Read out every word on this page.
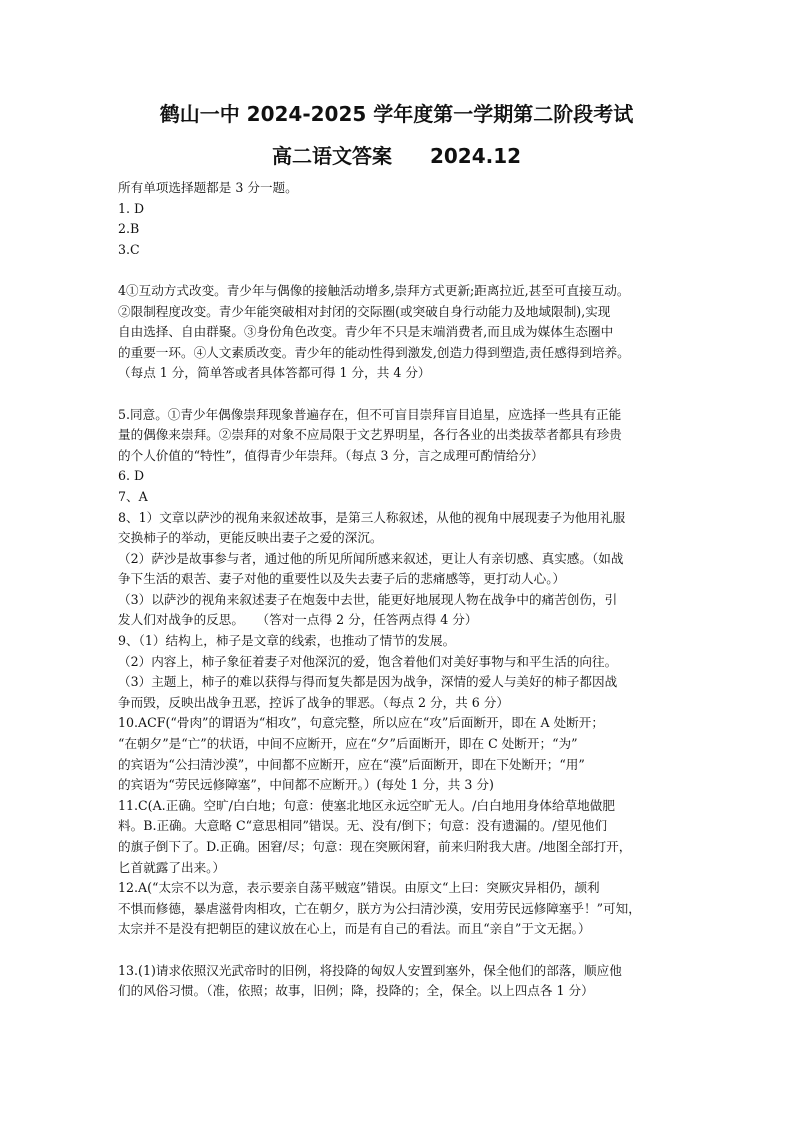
鹤山一中 2024-2025 学年度第一学期第二阶段考试
高二语文答案 2024.12
所有单项选择题都是 3 分一题。
1. D
2.B
3.C
4①互动方式改变。青少年与偶像的接触活动增多,崇拜方式更新;距离拉近,甚至可直接互动。
②限制程度改变。青少年能突破相对封闭的交际圈(或突破自身行动能力及地域限制),实现
自由选择、自由群聚。③身份角色改变。青少年不只是末端消费者,而且成为媒体生态圈中
的重要一环。④人文素质改变。青少年的能动性得到激发,创造力得到塑造,责任感得到培养。
（每点 1 分，简单答或者具体答都可得 1 分，共 4 分）
5.同意。①青少年偶像崇拜现象普遍存在，但不可盲目崇拜盲目追星，应选择一些具有正能
量的偶像来崇拜。②崇拜的对象不应局限于文艺界明星，各行各业的出类拔萃者都具有珍贵
的个人价值的“特性”，值得青少年崇拜。（每点 3 分，言之成理可酌情给分）
6. D
7、A
8、1）文章以萨沙的视角来叙述故事，是第三人称叙述，从他的视角中展现妻子为他用礼服
交换柿子的举动，更能反映出妻子之爱的深沉。
（2）萨沙是故事参与者，通过他的所见所闻所感来叙述，更让人有亲切感、真实感。（如战
争下生活的艰苦、妻子对他的重要性以及失去妻子后的悲痛感等，更打动人心。）
（3）以萨沙的视角来叙述妻子在炮轰中去世，能更好地展现人物在战争中的痛苦创伤，引
发人们对战争的反思。　　（答对一点得 2 分，任答两点得 4 分）
9、（1）结构上，柿子是文章的线索，也推动了情节的发展。
（2）内容上，柿子象征着妻子对他深沉的爱，饱含着他们对美好事物与和平生活的向往。
（3）主题上，柿子的难以获得与得而复失都是因为战争，深情的爱人与美好的柿子都因战
争而毁，反映出战争丑恶，控诉了战争的罪恶。（每点 2 分，共 6 分）
10.ACF(“骨肉”的谓语为“相攻”，句意完整，所以应在“攻”后面断开，即在 A 处断开；
“在朝夕”是“亡”的状语，中间不应断开，应在“夕”后面断开，即在 C 处断开；“为”
的宾语为“公扫清沙漠”，中间都不应断开，应在“漠”后面断开，即在下处断开；“用”
的宾语为“劳民远修障塞”，中间都不应断开。）(每处 1 分，共 3 分)
11.C(A.正确。空旷/白白地；句意：使塞北地区永远空旷无人。/白白地用身体给草地做肥
料。B.正确。大意略 C“意思相同”错误。无、没有/倒下；句意：没有遗漏的。/望见他们
的旗子倒下了。D.正确。困窘/尽；句意：现在突厥闲窘，前来归附我大唐。/地图全部打开，
匕首就露了出来。）
12.A(“太宗不以为意，表示要亲自荡平贼寇”错误。由原文“上曰：突厥灾异相仍，颉利
不惧而修德，暴虐滋骨肉相攻，亡在朝夕，朕方为公扫清沙漠，安用劳民远修障塞乎！”可知，
太宗并不是没有把朝臣的建议放在心上，而是有自己的看法。而且“亲自”于文无据。）
13.(1)请求依照汉光武帝时的旧例，将投降的匈奴人安置到塞外，保全他们的部落，顺应他
们的风俗习惯。（准，依照；故事，旧例；降，投降的；全，保全。以上四点各 1 分）
